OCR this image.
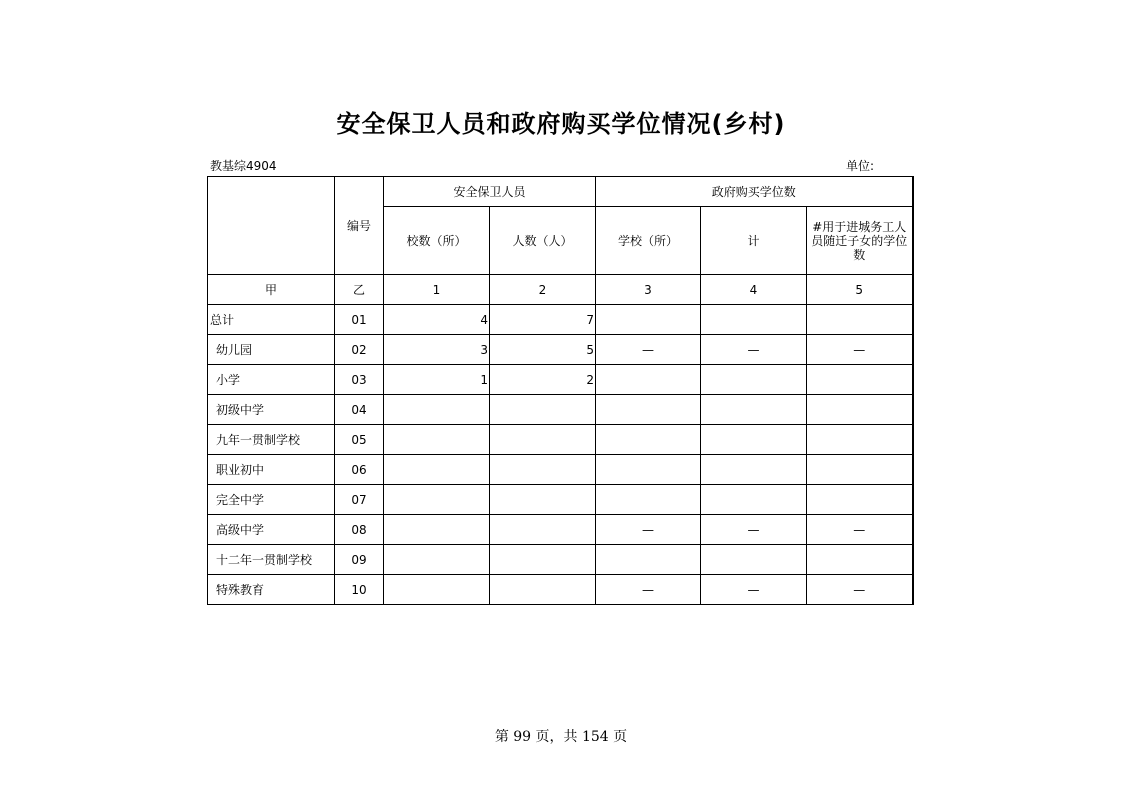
安全保卫人员和政府购买学位情况(乡村)
教基综4904	单位:
	编号	安全保卫人员		政府购买学位数		
		校数（所）	人数（人）	学校（所）	计	#用于进城务工人员随迁子女的学位数
甲	乙	1	2	3	4	5
总计	01	4	7			
幼儿园	02	3	5	—	—	—
小学	03	1	2			
初级中学	04					
九年一贯制学校	05					
职业初中	06					
完全中学	07					
高级中学	08			—	—	—
十二年一贯制学校	09					
特殊教育	10			—	—	—
第 99 页，共 154 页
